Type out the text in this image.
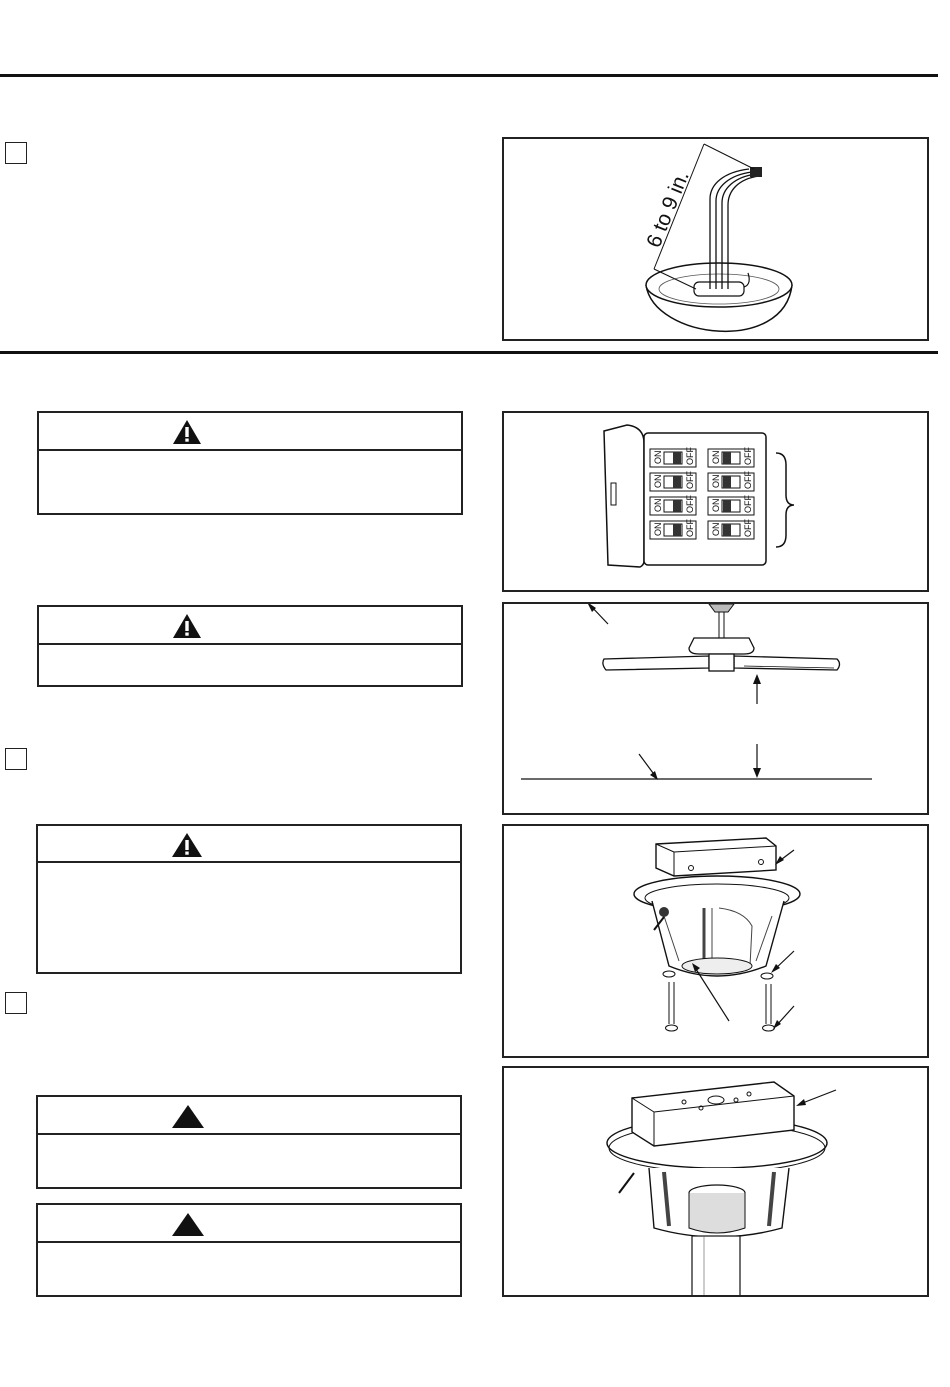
6 to 9 in.
ON OFF ON OFF
ON OFF ON OFF
ON OFF ON OFF
ON OFF ON OFF
